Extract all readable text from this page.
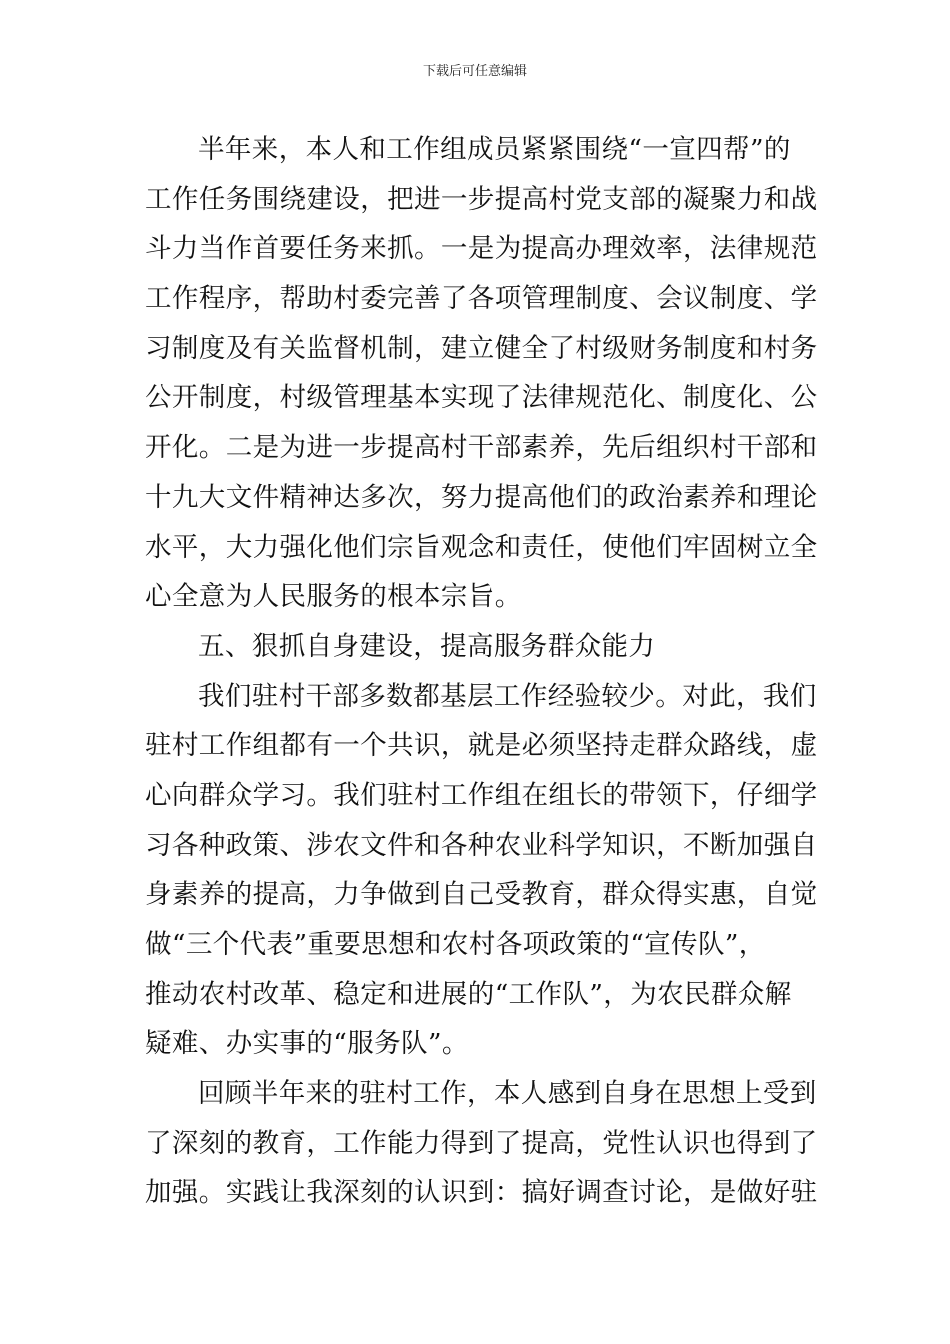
下载后可任意编辑
半年来，本人和工作组成员紧紧围绕“一宣四帮”的
工作任务围绕建设，把进一步提高村党支部的凝聚力和战
斗力当作首要任务来抓。一是为提高办理效率，法律规范
工作程序，帮助村委完善了各项管理制度、会议制度、学
习制度及有关监督机制，建立健全了村级财务制度和村务
公开制度，村级管理基本实现了法律规范化、制度化、公
开化。二是为进一步提高村干部素养，先后组织村干部和
十九大文件精神达多次，努力提高他们的政治素养和理论
水平，大力强化他们宗旨观念和责任，使他们牢固树立全
心全意为人民服务的根本宗旨。
五、狠抓自身建设，提高服务群众能力
我们驻村干部多数都基层工作经验较少。对此，我们
驻村工作组都有一个共识，就是必须坚持走群众路线，虚
心向群众学习。我们驻村工作组在组长的带领下，仔细学
习各种政策、涉农文件和各种农业科学知识，不断加强自
身素养的提高，力争做到自己受教育，群众得实惠，自觉
做“三个代表”重要思想和农村各项政策的“宣传队”，
推动农村改革、稳定和进展的“工作队”，为农民群众解
疑难、办实事的“服务队”。
回顾半年来的驻村工作，本人感到自身在思想上受到
了深刻的教育，工作能力得到了提高，党性认识也得到了
加强。实践让我深刻的认识到：搞好调查讨论，是做好驻
